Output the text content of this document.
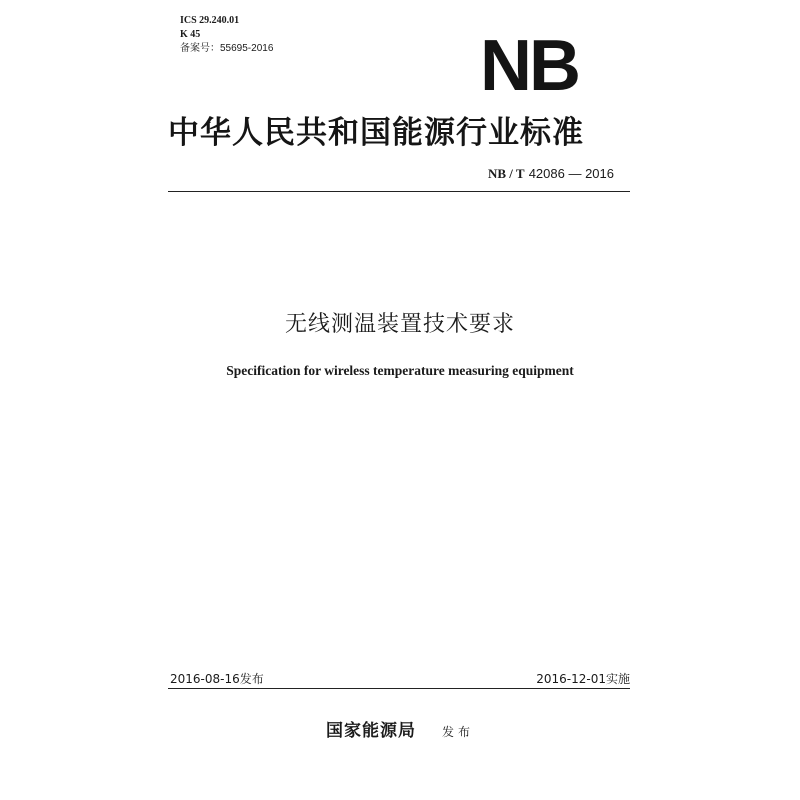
ICS 29.240.01
K 45
备案号：55695-2016	NB
中华人民共和国能源行业标准
NB / T 42086 — 2016
无线测温装置技术要求
Specification for wireless temperature measuring equipment
2016-08-16发布	2016-12-01实施
国家能源局 发布
